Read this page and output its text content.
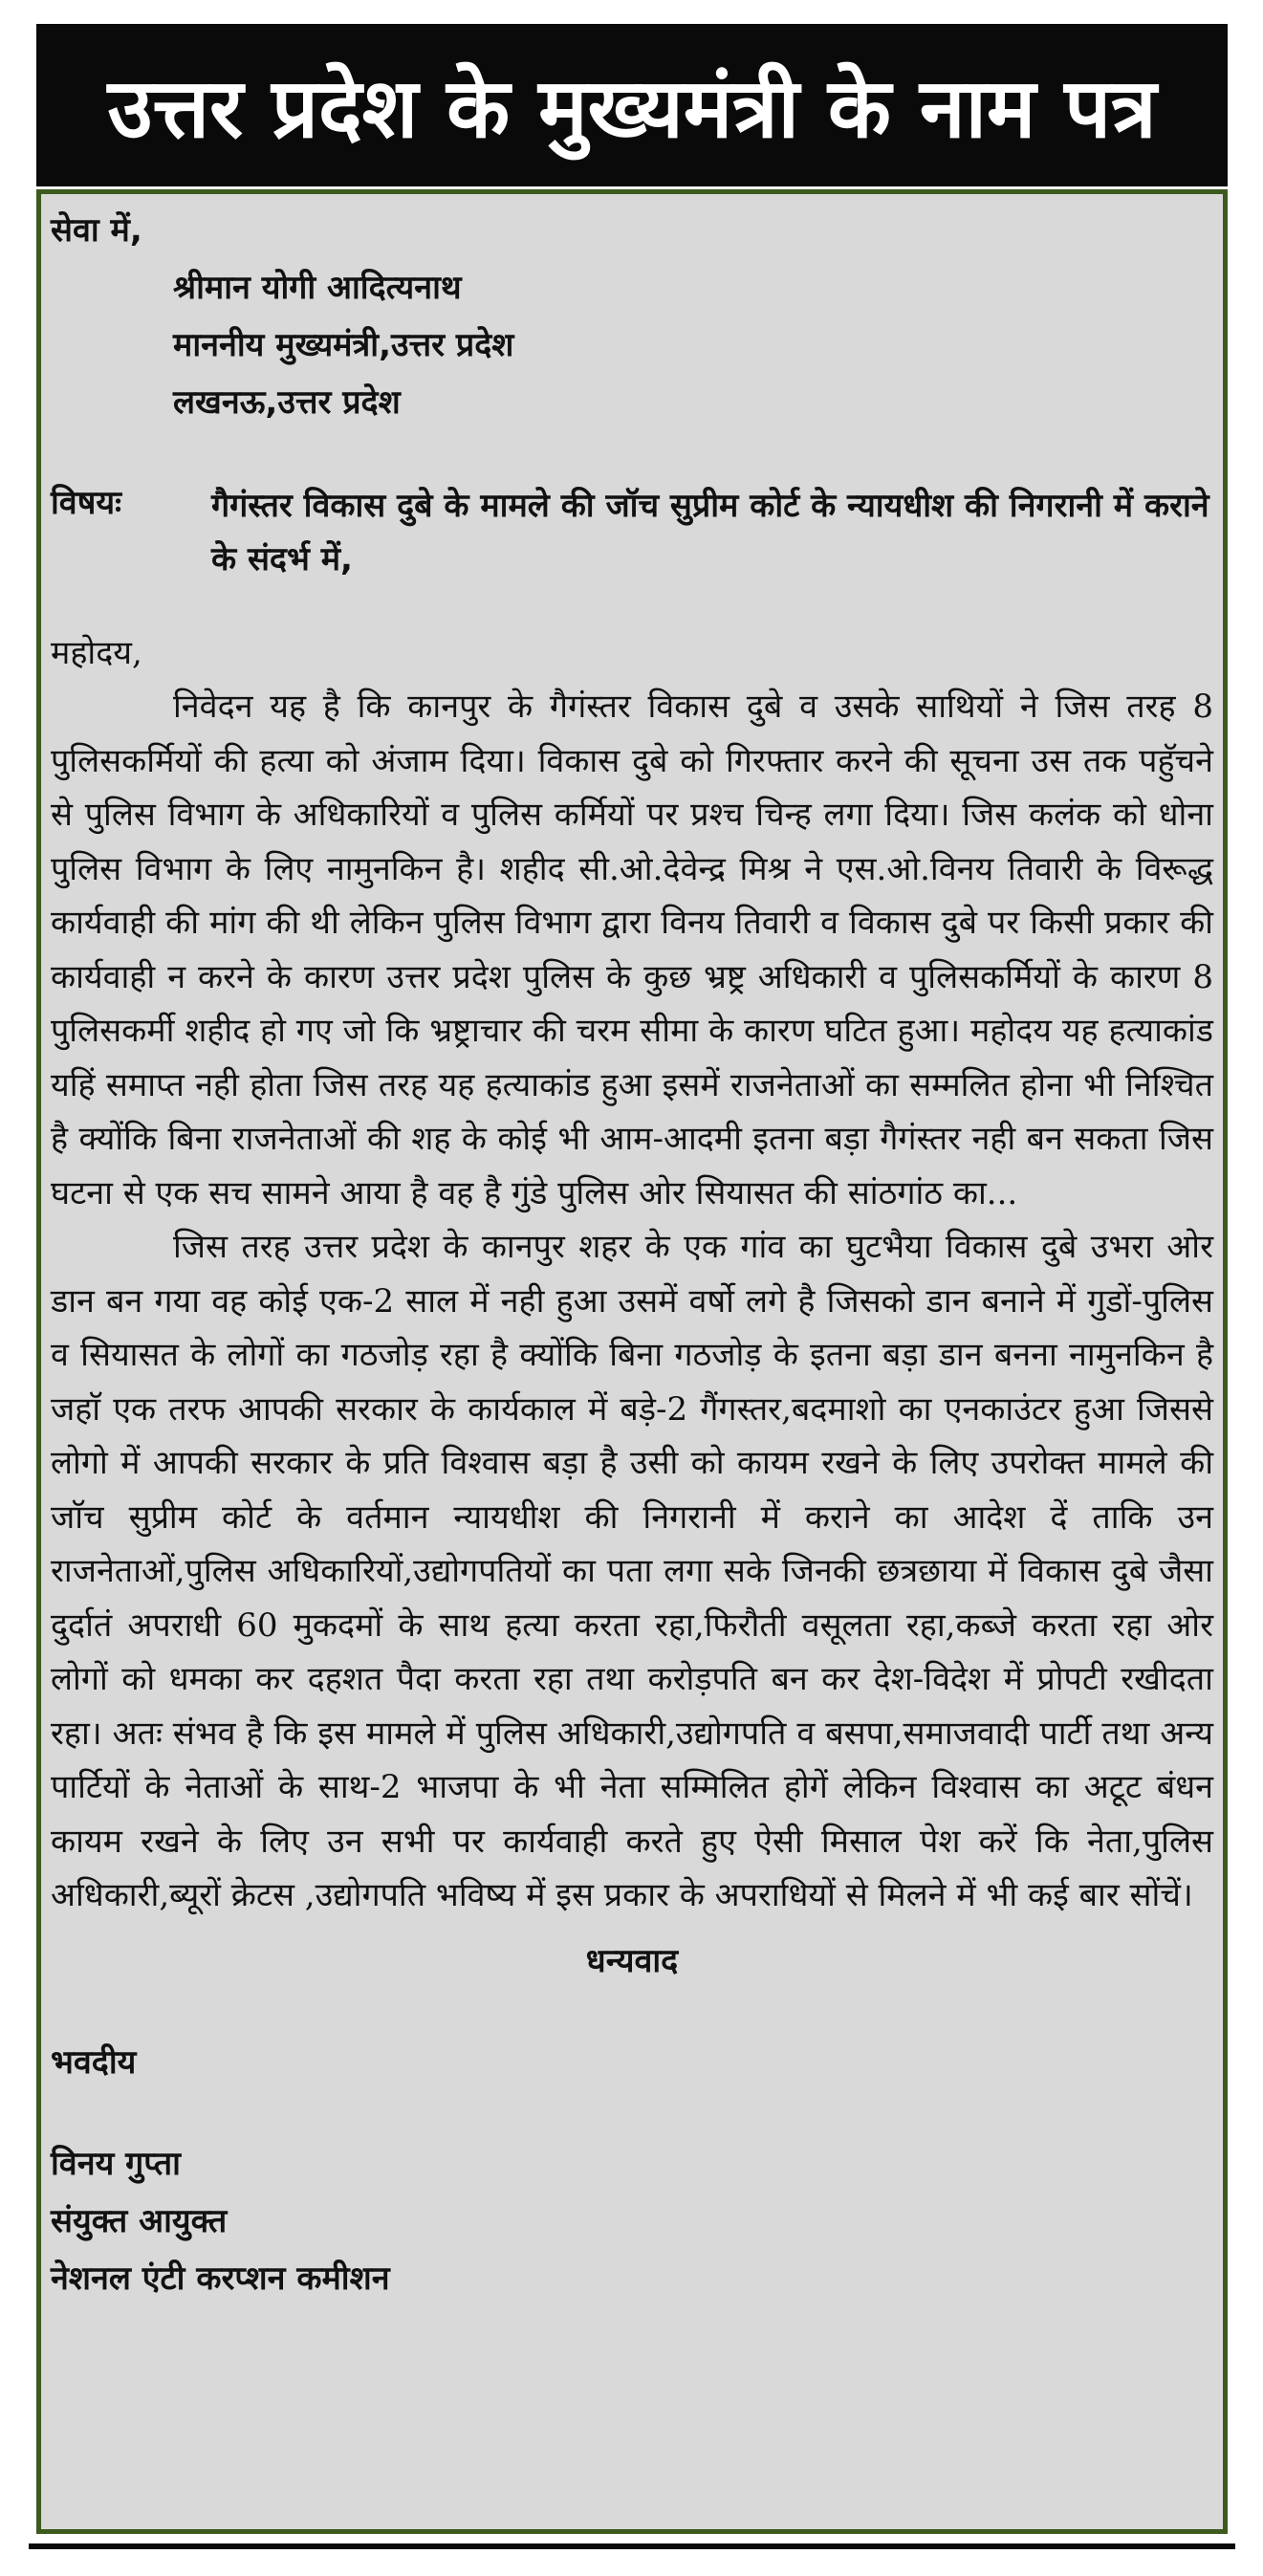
उत्तर प्रदेश के मुख्यमंत्री के नाम पत्र
सेवा में,
श्रीमान योगी आदित्यनाथ
माननीय मुख्यमंत्री,उत्तर प्रदेश
लखनऊ,उत्तर प्रदेश
विषयः	गैगंस्तर विकास दुबे के मामले की जॉच सुप्रीम कोर्ट के न्यायधीश की निगरानी में कराने के संदर्भ में,
महोदय,

निवेदन यह है कि कानपुर के गैगंस्तर विकास दुबे व उसके साथियों ने जिस तरह 8 पुलिसकर्मियों की हत्या को अंजाम दिया। विकास दुबे को गिरफ्तार करने की सूचना उस तक पहुॅचने से पुलिस विभाग के अधिकारियों व पुलिस कर्मियों पर प्रश्च चिन्ह लगा दिया। जिस कलंक को धोना पुलिस विभाग के लिए नामुनकिन है। शहीद सी.ओ.देवेन्द्र मिश्र ने एस.ओ.विनय तिवारी के विरूद्ध कार्यवाही की मांग की थी लेकिन पुलिस विभाग द्वारा विनय तिवारी व विकास दुबे पर किसी प्रकार की कार्यवाही न करने के कारण उत्तर प्रदेश पुलिस के कुछ भ्रष्ट्र अधिकारी व पुलिसकर्मियों के कारण 8 पुलिसकर्मी शहीद हो गए जो कि भ्रष्ट्राचार की चरम सीमा के कारण घटित हुआ। महोदय यह हत्याकांड यहिं समाप्त नही होता जिस तरह यह हत्याकांड हुआ इसमें राजनेताओं का सम्मलित होना भी निश्चित है क्योंकि बिना राजनेताओं की शह के कोई भी आम-आदमी इतना बड़ा गैगंस्तर नही बन सकता जिस घटना से एक सच सामने आया है वह है गुंडे पुलिस ओर सियासत की सांठगांठ का...

जिस तरह उत्तर प्रदेश के कानपुर शहर के एक गांव का घुटभैया विकास दुबे उभरा ओर डान बन गया वह कोई एक-2 साल में नही हुआ उसमें वर्षो लगे है जिसको डान बनाने में गुडों-पुलिस व सियासत के लोगों का गठजोड़ रहा है क्योंकि बिना गठजोड़ के इतना बड़ा डान बनना नामुनकिन है जहाॅ एक तरफ आपकी सरकार के कार्यकाल में बड़े-2 गैंगस्तर,बदमाशो का एनकाउंटर हुआ जिससे लोगो में आपकी सरकार के प्रति विश्वास बड़ा है उसी को कायम रखने के लिए उपरोक्त मामले की जाॅच सुप्रीम कोर्ट के वर्तमान न्यायधीश की निगरानी में कराने का आदेश दें ताकि उन राजनेताओं,पुलिस अधिकारियों,उद्योगपतियों का पता लगा सके जिनकी छत्रछाया में विकास दुबे जैसा दुर्दातं अपराधी 60 मुकदमों के साथ हत्या करता रहा,फिरौती वसूलता रहा,कब्जे करता रहा ओर लोगों को धमका कर दहशत पैदा करता रहा तथा करोड़पति बन कर देश-विदेश में प्रोपटी रखीदता रहा। अतः संभव है कि इस मामले में पुलिस अधिकारी,उद्योगपति व बसपा,समाजवादी पार्टी तथा अन्य पार्टियों के नेताओं के साथ-2 भाजपा के भी नेता सम्मिलित होगें लेकिन विश्वास का अटूट बंधन कायम रखने के लिए उन सभी पर कार्यवाही करते हुए ऐसी मिसाल पेश करें कि नेता,पुलिस अधिकारी,ब्यूरों क्रेटस ,उद्योगपति भविष्य में इस प्रकार के अपराधियों से मिलने में भी कई बार सोंचें।

धन्यवाद
भवदीय
विनय गुप्ता
संयुक्त आयुक्त
नेशनल एंटी करप्शन कमीशन
